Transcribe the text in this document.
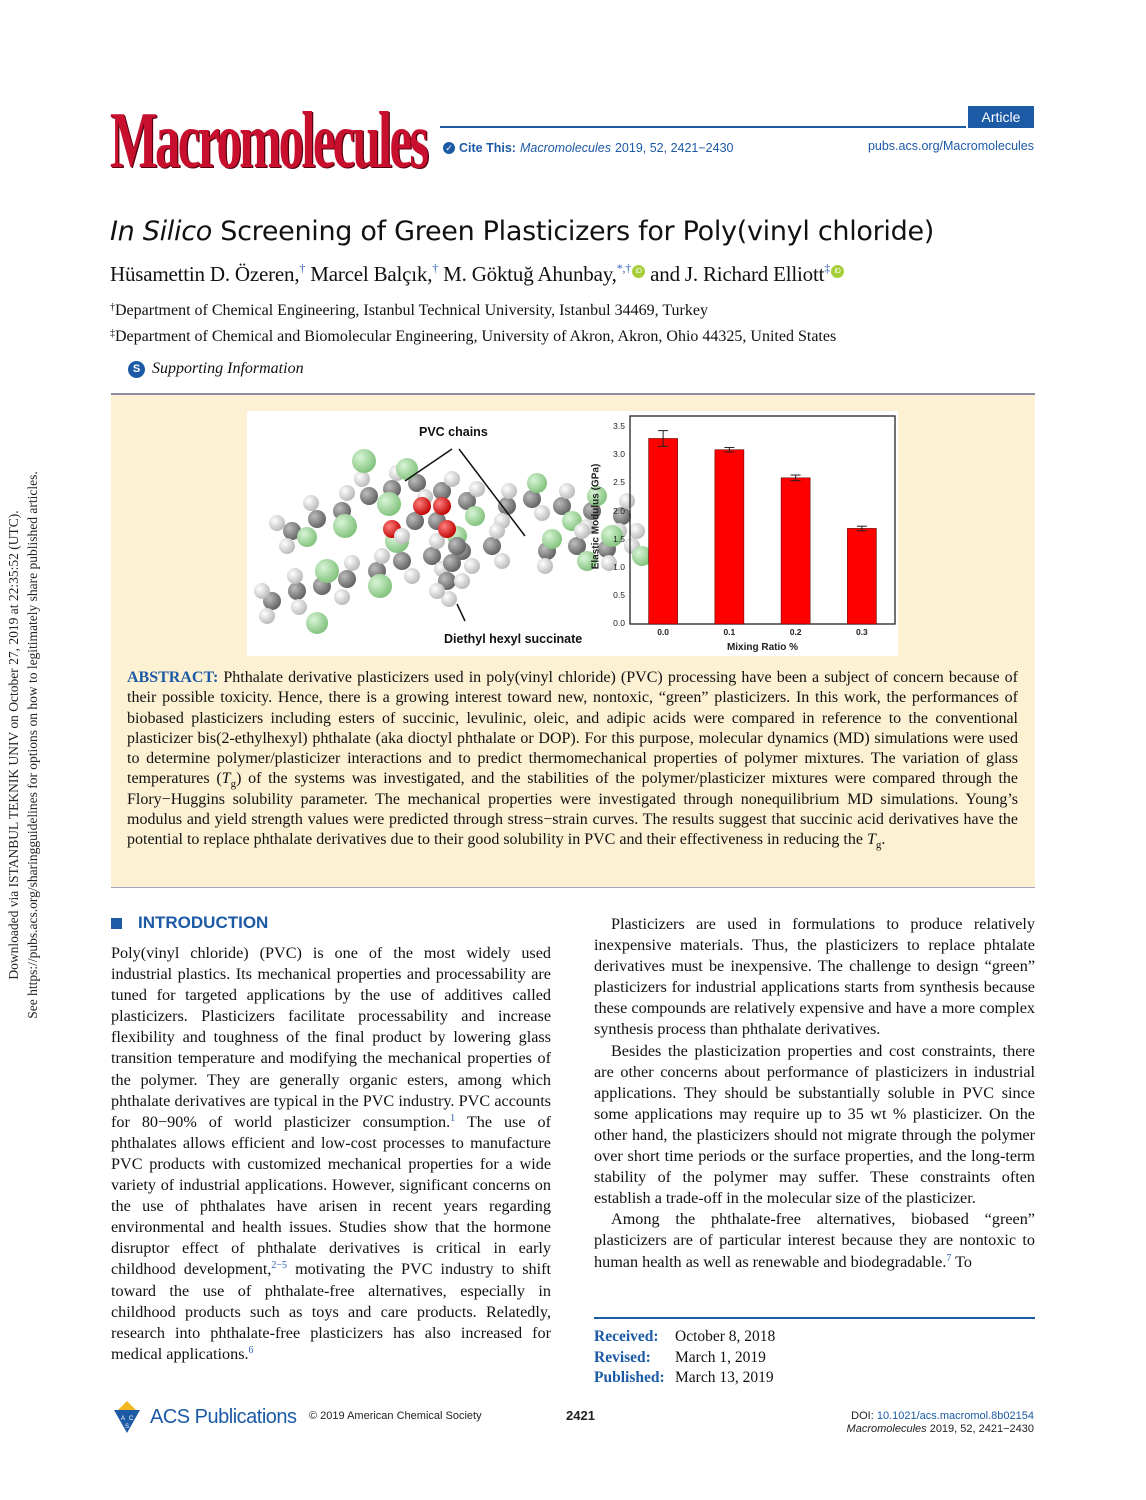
Downloaded via ISTANBUL TEKNIK UNIV on October 27, 2019 at 22:35:52 (UTC). See https://pubs.acs.org/sharingguidelines for options on how to legitimately share published articles.
Macromolecules	Article
✓ Cite This: Macromolecules 2019, 52, 2421−2430	pubs.acs.org/Macromolecules
In Silico Screening of Green Plasticizers for Poly(vinyl chloride)
Hüsamettin D. Özeren,† Marcel Balçık,† M. Göktuğ Ahunbay,*,† iD and J. Richard Elliott‡ iD
†Department of Chemical Engineering, Istanbul Technical University, Istanbul 34469, Turkey
‡Department of Chemical and Biomolecular Engineering, University of Akron, Akron, Ohio 44325, United States
S Supporting Information
PVC chains
Diethyl hexyl succinate	0.0	0.1	0.2	0.3
0.0
0.5
1.0
1.5
2.0
2.5
3.0
3.5
Mixing Ratio %
Elastic Modulus (GPa)
ABSTRACT: Phthalate derivative plasticizers used in poly(vinyl chloride) (PVC) processing have been a subject of concern because of their possible toxicity. Hence, there is a growing interest toward new, nontoxic, “green” plasticizers. In this work, the performances of biobased plasticizers including esters of succinic, levulinic, oleic, and adipic acids were compared in reference to the conventional plasticizer bis(2-ethylhexyl) phthalate (aka dioctyl phthalate or DOP). For this purpose, molecular dynamics (MD) simulations were used to determine polymer/plasticizer interactions and to predict thermomechanical properties of polymer mixtures. The variation of glass temperatures $(T_g)$ of the systems was investigated, and the stabilities of the polymer/plasticizer mixtures were compared through the Flory−Huggins solubility parameter. The mechanical properties were investigated through nonequilibrium MD simulations. Young’s modulus and yield strength values were predicted through stress−strain curves. The results suggest that succinic acid derivatives have the potential to replace phthalate derivatives due to their good solubility in PVC and their effectiveness in reducing the $T_g$.
INTRODUCTION

Poly(vinyl chloride) (PVC) is one of the most widely used industrial plastics. Its mechanical properties and processability are tuned for targeted applications by the use of additives called plasticizers. Plasticizers facilitate processability and increase flexibility and toughness of the final product by lowering glass transition temperature and modifying the mechanical properties of the polymer. They are generally organic esters, among which phthalate derivatives are typical in the PVC industry. PVC accounts for 80−90% of world plasticizer consumption.$^1$ The use of phthalates allows efficient and low-cost processes to manufacture PVC products with customized mechanical properties for a wide variety of industrial applications. However, significant concerns on the use of phthalates have arisen in recent years regarding environmental and health issues. Studies show that the hormone disruptor effect of phthalate derivatives is critical in early childhood development,$^{2-5}$ motivating the PVC industry to shift toward the use of phthalate-free alternatives, especially in childhood products such as toys and care products. Relatedly, research into phthalate-free plasticizers has also increased for medical applications.$^6$

Plasticizers are used in formulations to produce relatively inexpensive materials. Thus, the plasticizers to replace phtalate derivatives must be inexpensive. The challenge to design “green” plasticizers for industrial applications starts from synthesis because these compounds are relatively expensive and have a more complex synthesis process than phthalate derivatives.

Besides the plasticization properties and cost constraints, there are other concerns about performance of plasticizers in industrial applications. They should be substantially soluble in PVC since some applications may require up to 35 wt % plasticizer. On the other hand, the plasticizers should not migrate through the polymer over short time periods or the surface properties, and the long-term stability of the polymer may suffer. These constraints often establish a trade-off in the molecular size of the plasticizer.

Among the phthalate-free alternatives, biobased “green” plasticizers are of particular interest because they are nontoxic to human health as well as renewable and biodegradable.$^7$ To

Received:	October 8, 2018
Revised:	March 1, 2019
Published: March 13, 2019
A C
S ACS Publications © 2019 American Chemical Society	2421	DOI: 10.1021/acs.macromol.8b02154
Macromolecules 2019, 52, 2421−2430
